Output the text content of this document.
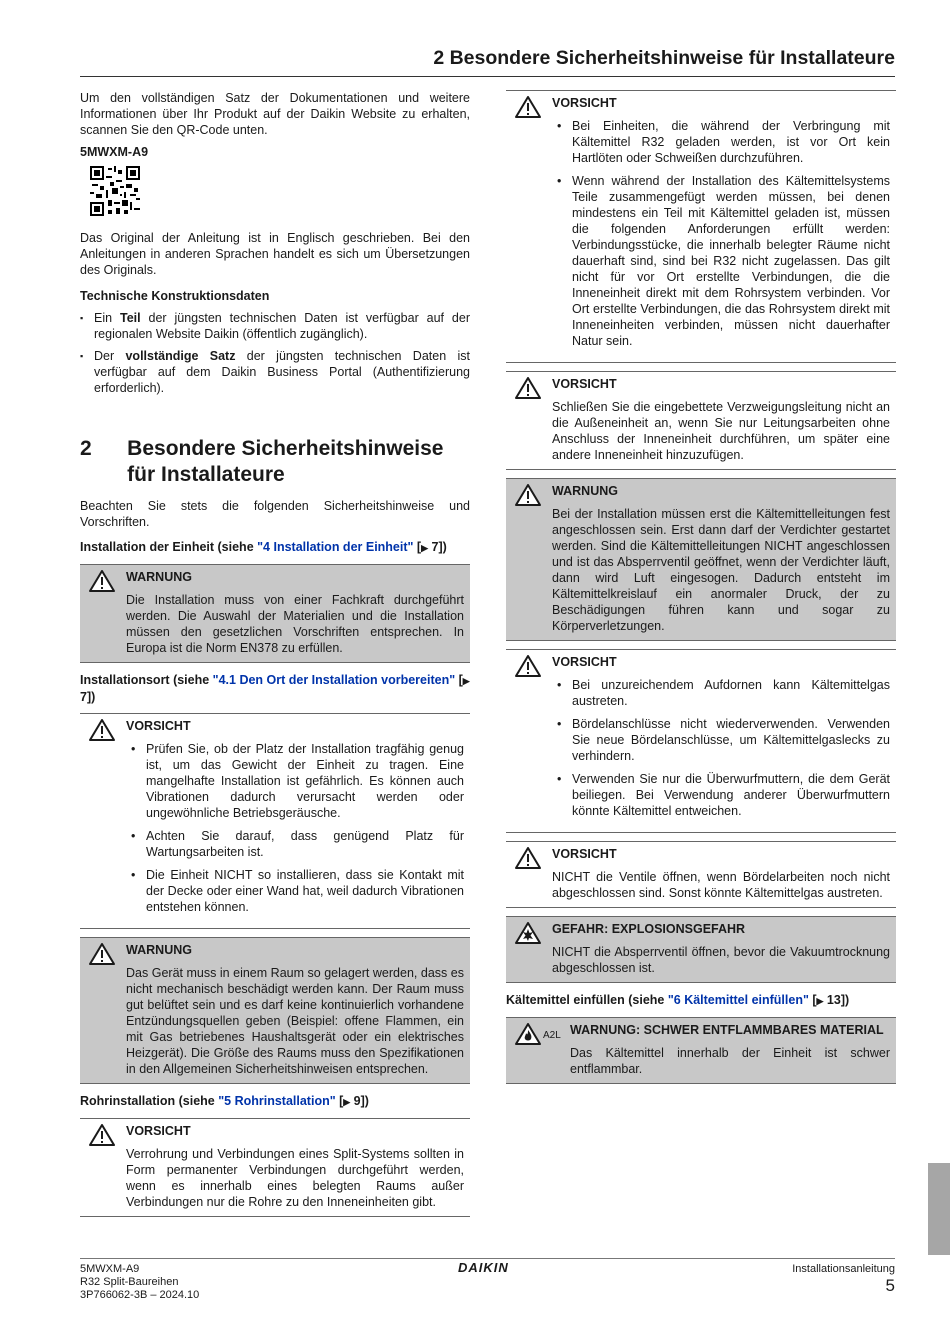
2 Besondere Sicherheitshinweise für Installateure

Um den vollständigen Satz der Dokumentationen und weitere Informationen über Ihr Produkt auf der Daikin Website zu erhalten, scannen Sie den QR-Code unten.

5MWXM-A9

Das Original der Anleitung ist in Englisch geschrieben. Bei den Anleitungen in anderen Sprachen handelt es sich um Übersetzungen des Originals.

Technische Konstruktionsdaten
▪ Ein Teil der jüngsten technischen Daten ist verfügbar auf der regionalen Website Daikin (öffentlich zugänglich).
▪ Der vollständige Satz der jüngsten technischen Daten ist verfügbar auf dem Daikin Business Portal (Authentifizierung erforderlich).
2	Besondere Sicherheitshinweise für Installateure

Beachten Sie stets die folgenden Sicherheitshinweise und Vorschriften.

Installation der Einheit (siehe "4 Installation der Einheit" [▶ 7])
WARNUNG

Die Installation muss von einer Fachkraft durchgeführt werden. Die Auswahl der Materialien und die Installation müssen den gesetzlichen Vorschriften entsprechen. In Europa ist die Norm EN378 zu erfüllen.

Installationsort (siehe "4.1 Den Ort der Installation vorbereiten" [▶ 7])
VORSICHT
• Prüfen Sie, ob der Platz der Installation tragfähig genug ist, um das Gewicht der Einheit zu tragen. Eine mangelhafte Installation ist gefährlich. Es können auch Vibrationen dadurch verursacht werden oder ungewöhnliche Betriebsgeräusche.
• Achten Sie darauf, dass genügend Platz für Wartungsarbeiten ist.
• Die Einheit NICHT so installieren, dass sie Kontakt mit der Decke oder einer Wand hat, weil dadurch Vibrationen entstehen können.
WARNUNG

Das Gerät muss in einem Raum so gelagert werden, dass es nicht mechanisch beschädigt werden kann. Der Raum muss gut belüftet sein und es darf keine kontinuierlich vorhandene Entzündungsquellen geben (Beispiel: offene Flammen, ein mit Gas betriebenes Haushaltsgerät oder ein elektrisches Heizgerät). Die Größe des Raums muss den Spezifikationen in den Allgemeinen Sicherheitshinweisen entsprechen.

Rohrinstallation (siehe "5 Rohrinstallation" [▶ 9])
VORSICHT

Verrohrung und Verbindungen eines Split-Systems sollten in Form permanenter Verbindungen durchgeführt werden, wenn es innerhalb eines belegten Raums außer Verbindungen nur die Rohre zu den Inneneinheiten gibt.

VORSICHT
• Bei Einheiten, die während der Verbringung mit Kältemittel R32 geladen werden, ist vor Ort kein Hartlöten oder Schweißen durchzuführen.
• Wenn während der Installation des Kältemittelsystems Teile zusammengefügt werden müssen, bei denen mindestens ein Teil mit Kältemittel geladen ist, müssen die folgenden Anforderungen erfüllt werden: Verbindungsstücke, die innerhalb belegter Räume nicht dauerhaft sind, sind bei R32 nicht zugelassen. Das gilt nicht für vor Ort erstellte Verbindungen, die die Inneneinheit direkt mit dem Rohrsystem verbinden. Vor Ort erstellte Verbindungen, die das Rohrsystem direkt mit Inneneinheiten verbinden, müssen nicht dauerhafter Natur sein.
VORSICHT

Schließen Sie die eingebettete Verzweigungsleitung nicht an die Außeneinheit an, wenn Sie nur Leitungsarbeiten ohne Anschluss der Inneneinheit durchführen, um später eine andere Inneneinheit hinzuzufügen.

WARNUNG

Bei der Installation müssen erst die Kältemittelleitungen fest angeschlossen sein. Erst dann darf der Verdichter gestartet werden. Sind die Kältemittelleitungen NICHT angeschlossen und ist das Absperrventil geöffnet, wenn der Verdichter läuft, dann wird Luft eingesogen. Dadurch entsteht im Kältemittelkreislauf ein anormaler Druck, der zu Beschädigungen führen kann und sogar zu Körperverletzungen.

VORSICHT
• Bei unzureichendem Aufdornen kann Kältemittelgas austreten.
• Bördelanschlüsse nicht wiederverwenden. Verwenden Sie neue Bördelanschlüsse, um Kältemittelgaslecks zu verhindern.
• Verwenden Sie nur die Überwurfmuttern, die dem Gerät beiliegen. Bei Verwendung anderer Überwurfmuttern könnte Kältemittel entweichen.
VORSICHT

NICHT die Ventile öffnen, wenn Bördelarbeiten noch nicht abgeschlossen sind. Sonst könnte Kältemittelgas austreten.

GEFAHR: EXPLOSIONSGEFAHR

NICHT die Absperrventil öffnen, bevor die Vakuumtrocknung abgeschlossen ist.

Kältemittel einfüllen (siehe "6 Kältemittel einfüllen" [▶ 13])
A2L WARNUNG: SCHWER ENTFLAMMBARES MATERIAL

Das Kältemittel innerhalb der Einheit ist schwer entflammbar.

5MWXM-A9
R32 Split-Baureihen
3P766062-3B – 2024.10
DAIKIN	Installationsanleitung
5
